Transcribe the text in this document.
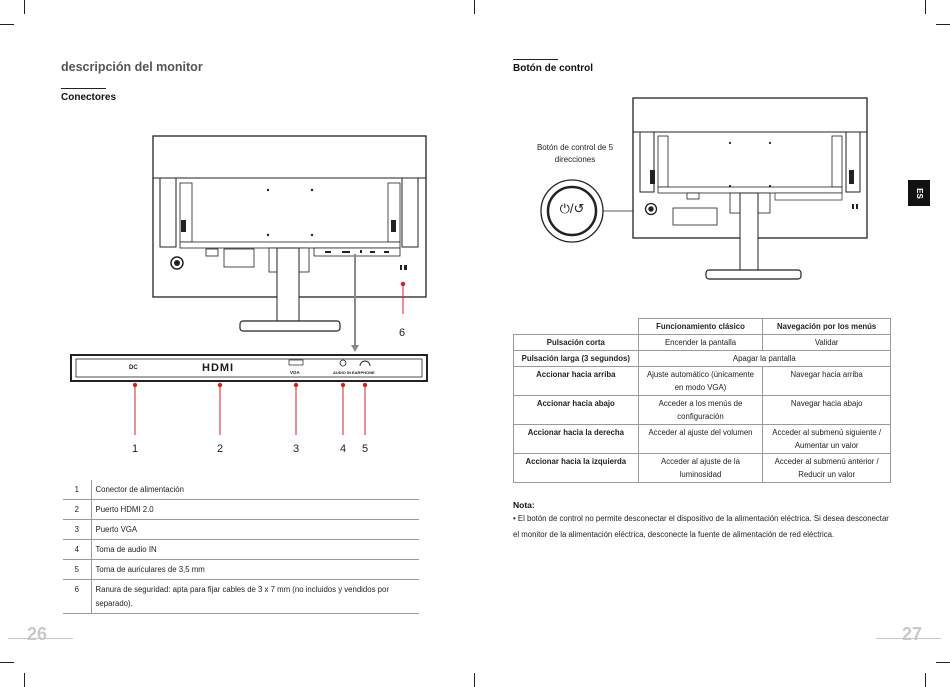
descripción del monitor
Conectores
6
DC	HDMI	VGA	AUDIO IN EARPHONE
1	2	3	4 5
1	Conector de alimentación
2	Puerto HDMI 2.0
3	Puerto VGA
4	Toma de audio IN
5	Toma de auriculares de 3,5 mm
6	Ranura de seguridad: apta para fijar cables de 3 x 7 mm (no incluidos y vendidos por separado).
26
Botón de control
ES
Botón de control de 5 direcciones
⏻/↺
	Funcionamiento clásico	Navegación por los menús
Pulsación corta	Encender la pantalla	Validar
Pulsación larga (3 segundos)	Apagar la pantalla	
Accionar hacia arriba	Ajuste automático (únicamente en modo VGA)	Navegar hacia arriba
Accionar hacia abajo	Acceder a los menús de configuración	Navegar hacia abajo
Accionar hacia la derecha	Acceder al ajuste del volumen	Acceder al submenú siguiente / Aumentar un valor
Accionar hacia la izquierda	Acceder al ajuste de la luminosidad	Acceder al submenú anterior / Reducir un valor
Nota:
• El botón de control no permite desconectar el dispositivo de la alimentación eléctrica. Si desea desconectar el monitor de la alimentación eléctrica, desconecte la fuente de alimentación de red eléctrica.
27
